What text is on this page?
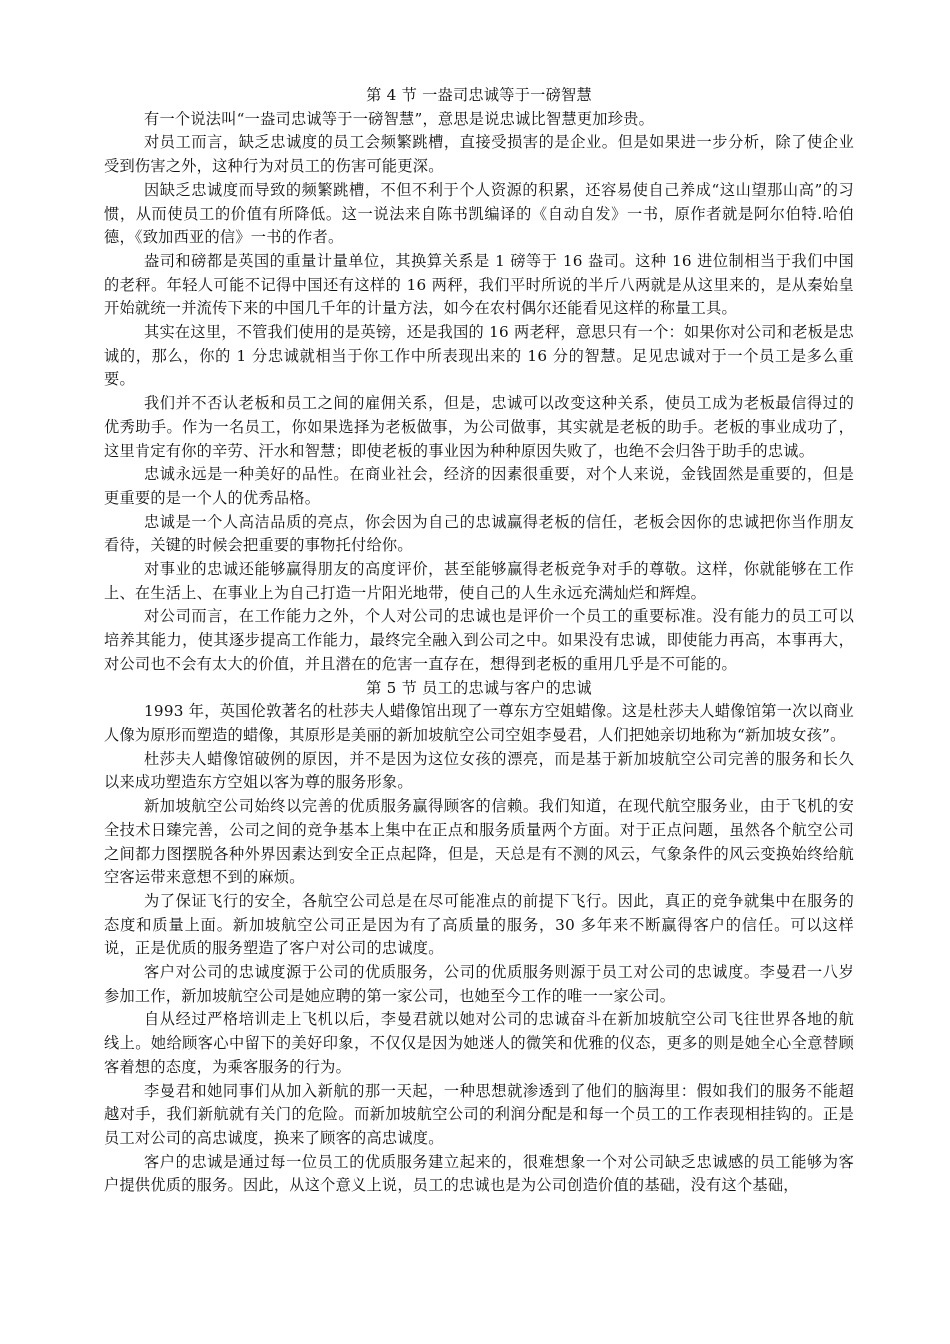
第 4 节 一盎司忠诚等于一磅智慧

有一个说法叫“一盎司忠诚等于一磅智慧”，意思是说忠诚比智慧更加珍贵。

对员工而言，缺乏忠诚度的员工会频繁跳槽，直接受损害的是企业。但是如果进一步分析，除了使企业受到伤害之外，这种行为对员工的伤害可能更深。

因缺乏忠诚度而导致的频繁跳槽，不但不利于个人资源的积累，还容易使自己养成“这山望那山高”的习惯，从而使员工的价值有所降低。这一说法来自陈书凯编译的《自动自发》一书，原作者就是阿尔伯特.哈伯德，《致加西亚的信》一书的作者。

盎司和磅都是英国的重量计量单位，其换算关系是 1 磅等于 16 盎司。这种 16 进位制相当于我们中国的老秤。年轻人可能不记得中国还有这样的 16 两秤，我们平时所说的半斤八两就是从这里来的，是从秦始皇开始就统一并流传下来的中国几千年的计量方法，如今在农村偶尔还能看见这样的称量工具。

其实在这里，不管我们使用的是英镑，还是我国的 16 两老秤，意思只有一个：如果你对公司和老板是忠诚的，那么，你的 1 分忠诚就相当于你工作中所表现出来的 16 分的智慧。足见忠诚对于一个员工是多么重要。

我们并不否认老板和员工之间的雇佣关系，但是，忠诚可以改变这种关系，使员工成为老板最信得过的优秀助手。作为一名员工，你如果选择为老板做事，为公司做事，其实就是老板的助手。老板的事业成功了，这里肯定有你的辛劳、汗水和智慧；即使老板的事业因为种种原因失败了，也绝不会归咎于助手的忠诚。

忠诚永远是一种美好的品性。在商业社会，经济的因素很重要，对个人来说，金钱固然是重要的，但是更重要的是一个人的优秀品格。

忠诚是一个人高洁品质的亮点，你会因为自己的忠诚赢得老板的信任，老板会因你的忠诚把你当作朋友看待，关键的时候会把重要的事物托付给你。

对事业的忠诚还能够赢得朋友的高度评价，甚至能够赢得老板竞争对手的尊敬。这样，你就能够在工作上、在生活上、在事业上为自己打造一片阳光地带，使自己的人生永远充满灿烂和辉煌。

对公司而言，在工作能力之外，个人对公司的忠诚也是评价一个员工的重要标准。没有能力的员工可以培养其能力，使其逐步提高工作能力，最终完全融入到公司之中。如果没有忠诚，即使能力再高，本事再大，对公司也不会有太大的价值，并且潜在的危害一直存在，想得到老板的重用几乎是不可能的。

第 5 节 员工的忠诚与客户的忠诚

1993 年，英国伦敦著名的杜莎夫人蜡像馆出现了一尊东方空姐蜡像。这是杜莎夫人蜡像馆第一次以商业人像为原形而塑造的蜡像，其原形是美丽的新加坡航空公司空姐李曼君，人们把她亲切地称为“新加坡女孩”。

杜莎夫人蜡像馆破例的原因，并不是因为这位女孩的漂亮，而是基于新加坡航空公司完善的服务和长久以来成功塑造东方空姐以客为尊的服务形象。

新加坡航空公司始终以完善的优质服务赢得顾客的信赖。我们知道，在现代航空服务业，由于飞机的安全技术日臻完善，公司之间的竞争基本上集中在正点和服务质量两个方面。对于正点问题，虽然各个航空公司之间都力图摆脱各种外界因素达到安全正点起降，但是，天总是有不测的风云，气象条件的风云变换始终给航空客运带来意想不到的麻烦。

为了保证飞行的安全，各航空公司总是在尽可能准点的前提下飞行。因此，真正的竞争就集中在服务的态度和质量上面。新加坡航空公司正是因为有了高质量的服务，30 多年来不断赢得客户的信任。可以这样说，正是优质的服务塑造了客户对公司的忠诚度。

客户对公司的忠诚度源于公司的优质服务，公司的优质服务则源于员工对公司的忠诚度。李曼君一八岁参加工作，新加坡航空公司是她应聘的第一家公司，也她至今工作的唯一一家公司。

自从经过严格培训走上飞机以后，李曼君就以她对公司的忠诚奋斗在新加坡航空公司飞往世界各地的航线上。她给顾客心中留下的美好印象，不仅仅是因为她迷人的微笑和优雅的仪态，更多的则是她全心全意替顾客着想的态度，为乘客服务的行为。

李曼君和她同事们从加入新航的那一天起，一种思想就渗透到了他们的脑海里：假如我们的服务不能超越对手，我们新航就有关门的危险。而新加坡航空公司的利润分配是和每一个员工的工作表现相挂钩的。正是员工对公司的高忠诚度，换来了顾客的高忠诚度。

客户的忠诚是通过每一位员工的优质服务建立起来的，很难想象一个对公司缺乏忠诚感的员工能够为客户提供优质的服务。因此，从这个意义上说，员工的忠诚也是为公司创造价值的基础，没有这个基础，
